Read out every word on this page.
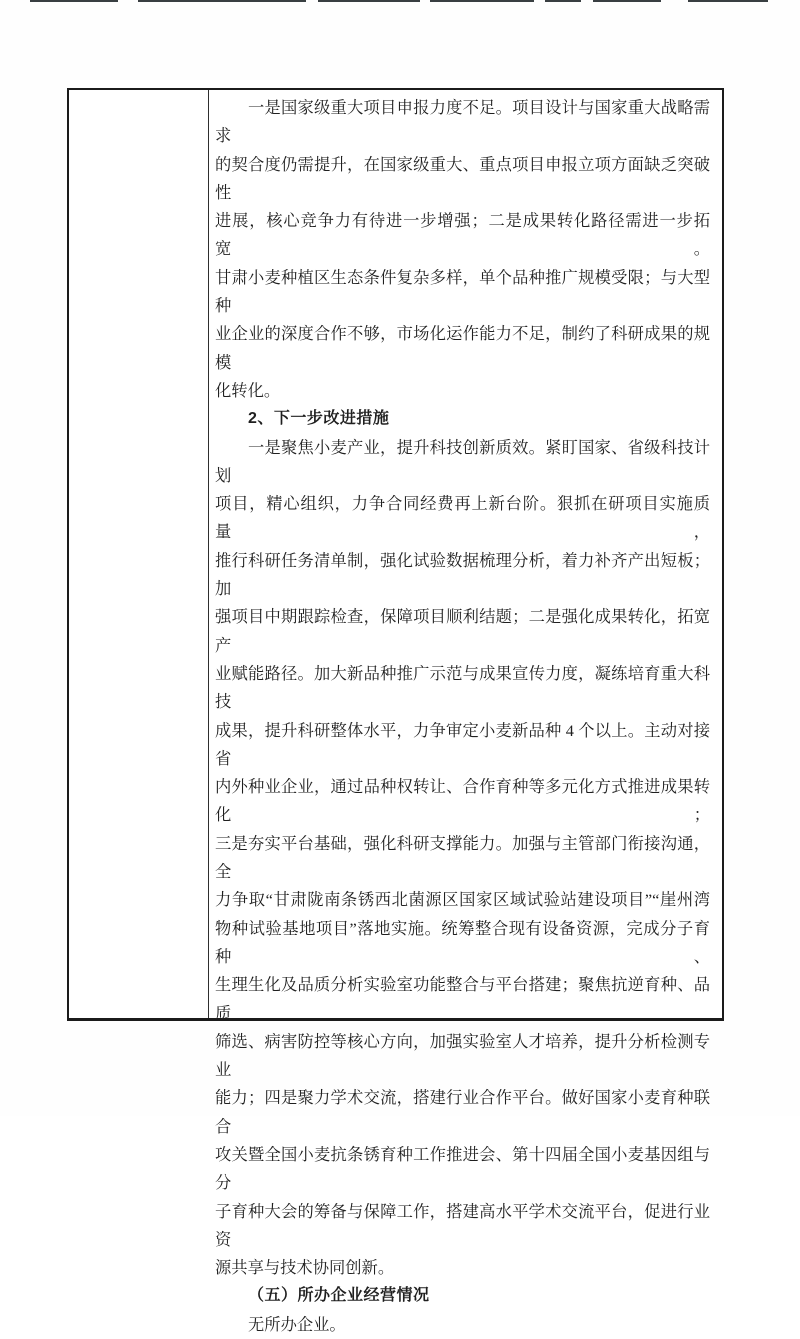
一是国家级重大项目申报力度不足。项目设计与国家重大战略需求
的契合度仍需提升，在国家级重大、重点项目申报立项方面缺乏突破性
进展，核心竞争力有待进一步增强；二是成果转化路径需进一步拓宽。
甘肃小麦种植区生态条件复杂多样，单个品种推广规模受限；与大型种
业企业的深度合作不够，市场化运作能力不足，制约了科研成果的规模
化转化。
2、下一步改进措施
一是聚焦小麦产业，提升科技创新质效。紧盯国家、省级科技计划
项目，精心组织，力争合同经费再上新台阶。狠抓在研项目实施质量，
推行科研任务清单制，强化试验数据梳理分析，着力补齐产出短板；加
强项目中期跟踪检查，保障项目顺利结题；二是强化成果转化，拓宽产
业赋能路径。加大新品种推广示范与成果宣传力度，凝练培育重大科技
成果，提升科研整体水平，力争审定小麦新品种 4 个以上。主动对接省
内外种业企业，通过品种权转让、合作育种等多元化方式推进成果转化；
三是夯实平台基础，强化科研支撑能力。加强与主管部门衔接沟通，全
力争取“甘肃陇南条锈西北菌源区国家区域试验站建设项目”“崖州湾
物种试验基地项目”落地实施。统筹整合现有设备资源，完成分子育种、
生理生化及品质分析实验室功能整合与平台搭建；聚焦抗逆育种、品质
筛选、病害防控等核心方向，加强实验室人才培养，提升分析检测专业
能力；四是聚力学术交流，搭建行业合作平台。做好国家小麦育种联合
攻关暨全国小麦抗条锈育种工作推进会、第十四届全国小麦基因组与分
子育种大会的筹备与保障工作，搭建高水平学术交流平台，促进行业资
源共享与技术协同创新。
（五）所办企业经营情况
无所办企业。
